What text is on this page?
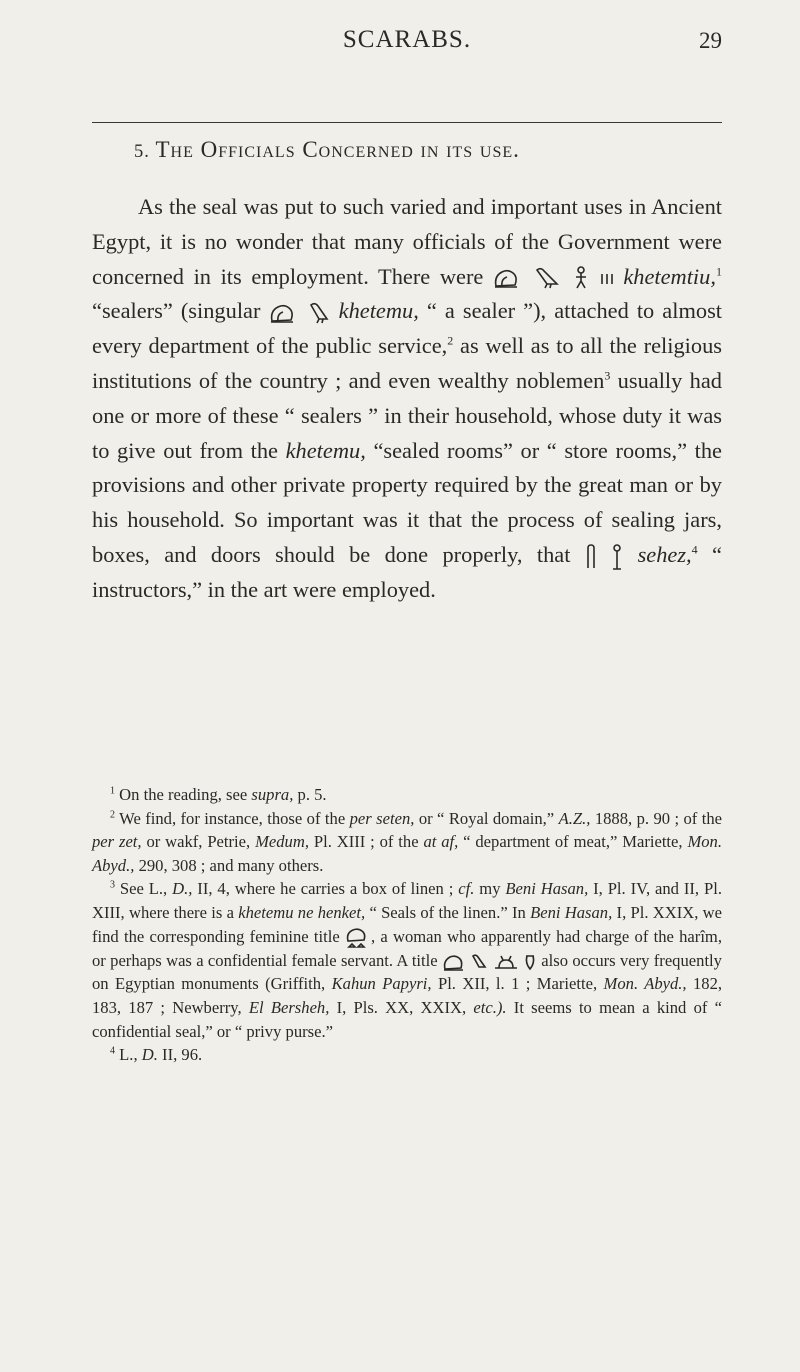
SCARABS.	29
5. The Officials Concerned in its use.

As the seal was put to such varied and important uses in Ancient Egypt, it is no wonder that many officials of the Government were concerned in its employment. There were

	khetemtiu,$^1$ “sealers” (singular
	khetemu, “ a sealer ”), attached to almost every department of the public service,$^2$ as well as to all the religious institutions of the country ; and even wealthy noblemen$^3$ usually had one or more of these “ sealers ” in their household, whose duty it was to give out from the khetemu, “sealed rooms” or “ store rooms,” the provisions and other private property required by the great man or by his household. So important was it that the process of sealing jars, boxes, and doors should be done properly, that
	sehez,$^4$ “ instructors,” in the art were employed.

$^1$ On the reading, see supra, p. 5.

$^2$ We find, for instance, those of the per seten, or “ Royal domain,” A.Z., 1888, p. 90 ; of the per zet, or wakf, Petrie, Medum, Pl. XIII ; of the at af, “ department of meat,” Mariette, Mon. Abyd., 290, 308 ; and many others.

$^3$ See L., D., II, 4, where he carries a box of linen ; cf. my Beni Hasan, I, Pl. IV, and II, Pl. XIII, where there is a khetemu ne henket, “ Seals of the linen.” In Beni Hasan, I, Pl. XXIX, we find the corresponding feminine title , a woman who apparently had charge of the harîm, or perhaps was a confidential female servant. A title

	also occurs very frequently on Egyptian monuments (Griffith, Kahun Papyri, Pl. XII, l. 1 ; Mariette, Mon. Abyd., 182, 183, 187 ; Newberry, El Bersheh, I, Pls. XX, XXIX, etc.). It seems to mean a kind of “ confidential seal,” or “ privy purse.”

$^4$ L., D. II, 96.
